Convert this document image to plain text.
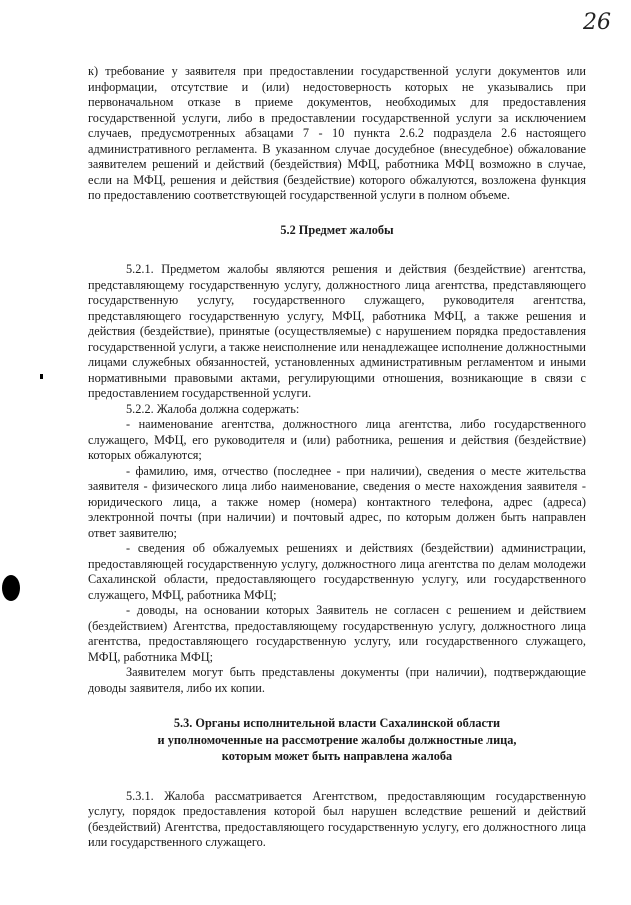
26

к) требование у заявителя при предоставлении государственной услуги документов или информации, отсутствие и (или) недостоверность которых не указывались при первоначальном отказе в приеме документов, необходимых для предоставления государственной услуги, либо в предоставлении государственной услуги за исключением случаев, предусмотренных абзацами 7 - 10 пункта 2.6.2 подраздела 2.6 настоящего административного регламента. В указанном случае досудебное (внесудебное) обжалование заявителем решений и действий (бездействия) МФЦ, работника МФЦ возможно в случае, если на МФЦ, решения и действия (бездействие) которого обжалуются, возложена функция по предоставлению соответствующей государственной услуги в полном объеме.

5.2 Предмет жалобы

5.2.1. Предметом жалобы являются решения и действия (бездействие) агентства, представляющему государственную услугу, должностного лица агентства, представляющего государственную услугу, государственного служащего, руководителя агентства, представляющего государственную услугу, МФЦ, работника МФЦ, а также решения и действия (бездействие), принятые (осуществляемые) с нарушением порядка предоставления государственной услуги, а также неисполнение или ненадлежащее исполнение должностными лицами служебных обязанностей, установленных административным регламентом и иными нормативными правовыми актами, регулирующими отношения, возникающие в связи с предоставлением государственной услуги.

5.2.2. Жалоба должна содержать:

- наименование агентства, должностного лица агентства, либо государственного служащего, МФЦ, его руководителя и (или) работника, решения и действия (бездействие) которых обжалуются;

- фамилию, имя, отчество (последнее - при наличии), сведения о месте жительства заявителя - физического лица либо наименование, сведения о месте нахождения заявителя - юридического лица, а также номер (номера) контактного телефона, адрес (адреса) электронной почты (при наличии) и почтовый адрес, по которым должен быть направлен ответ заявителю;

- сведения об обжалуемых решениях и действиях (бездействии) администрации, предоставляющей государственную услугу, должностного лица агентства по делам молодежи Сахалинской области, предоставляющего государственную услугу, или государственного служащего, МФЦ, работника МФЦ;

- доводы, на основании которых Заявитель не согласен с решением и действием (бездействием) Агентства, предоставляющему государственную услугу, должностного лица агентства, предоставляющего государственную услугу, или государственного служащего, МФЦ, работника МФЦ;

Заявителем могут быть представлены документы (при наличии), подтверждающие доводы заявителя, либо их копии.

5.3. Органы исполнительной власти Сахалинской области
и уполномоченные на рассмотрение жалобы должностные лица,
которым может быть направлена жалоба

5.3.1. Жалоба рассматривается Агентством, предоставляющим государственную услугу, порядок предоставления которой был нарушен вследствие решений и действий (бездействий) Агентства, предоставляющего государственную услугу, его должностного лица или государственного служащего.
